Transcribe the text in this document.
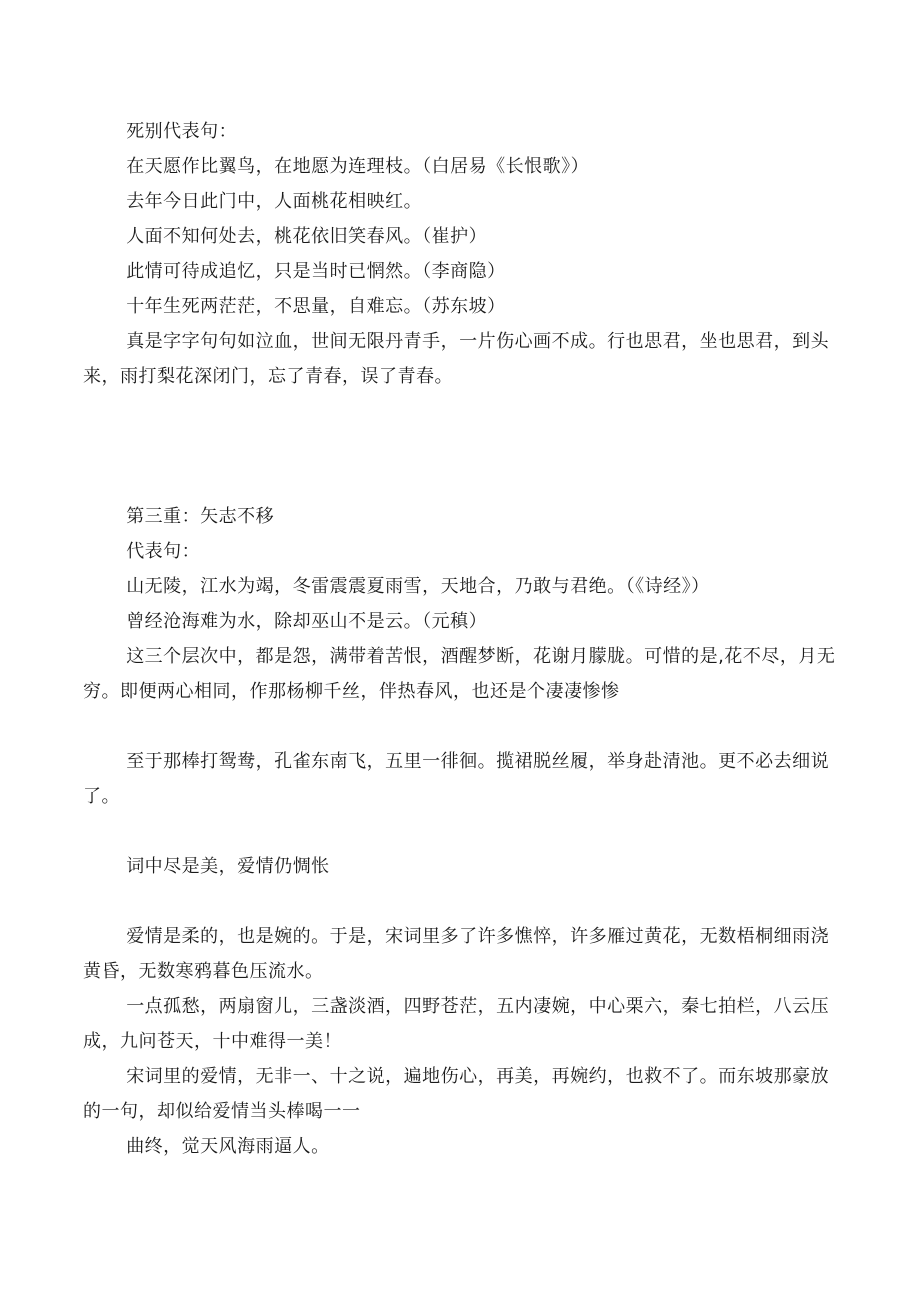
死别代表句：

在天愿作比翼鸟，在地愿为连理枝。（白居易《长恨歌》）

去年今日此门中，人面桃花相映红。

人面不知何处去，桃花依旧笑春风。（崔护）

此情可待成追忆，只是当时已惘然。（李商隐）

十年生死两茫茫，不思量，自难忘。（苏东坡）

真是字字句句如泣血，世间无限丹青手，一片伤心画不成。行也思君，坐也思君，到头来，雨打梨花深闭门，忘了青春，误了青春。

第三重：矢志不移

代表句：

山无陵，江水为竭，冬雷震震夏雨雪，天地合，乃敢与君绝。（《诗经》）

曾经沧海难为水，除却巫山不是云。（元稹）

这三个层次中，都是怨，满带着苦恨，酒醒梦断，花谢月朦胧。可惜的是,花不尽，月无穷。即便两心相同，作那杨柳千丝，伴热春风，也还是个凄凄惨惨

至于那棒打鸳鸯，孔雀东南飞，五里一徘徊。揽裙脱丝履，举身赴清池。更不必去细说了。

词中尽是美，爱情仍惆怅

爱情是柔的，也是婉的。于是，宋词里多了许多憔悴，许多雁过黄花，无数梧桐细雨浇黄昏，无数寒鸦暮色压流水。

一点孤愁，两扇窗儿，三盏淡酒，四野苍茫，五内凄婉，中心栗六，秦七拍栏，八云压成，九问苍天，十中难得一美！

宋词里的爱情，无非一、十之说，遍地伤心，再美，再婉约，也救不了。而东坡那豪放的一句，却似给爱情当头棒喝一一

曲终，觉天风海雨逼人。
